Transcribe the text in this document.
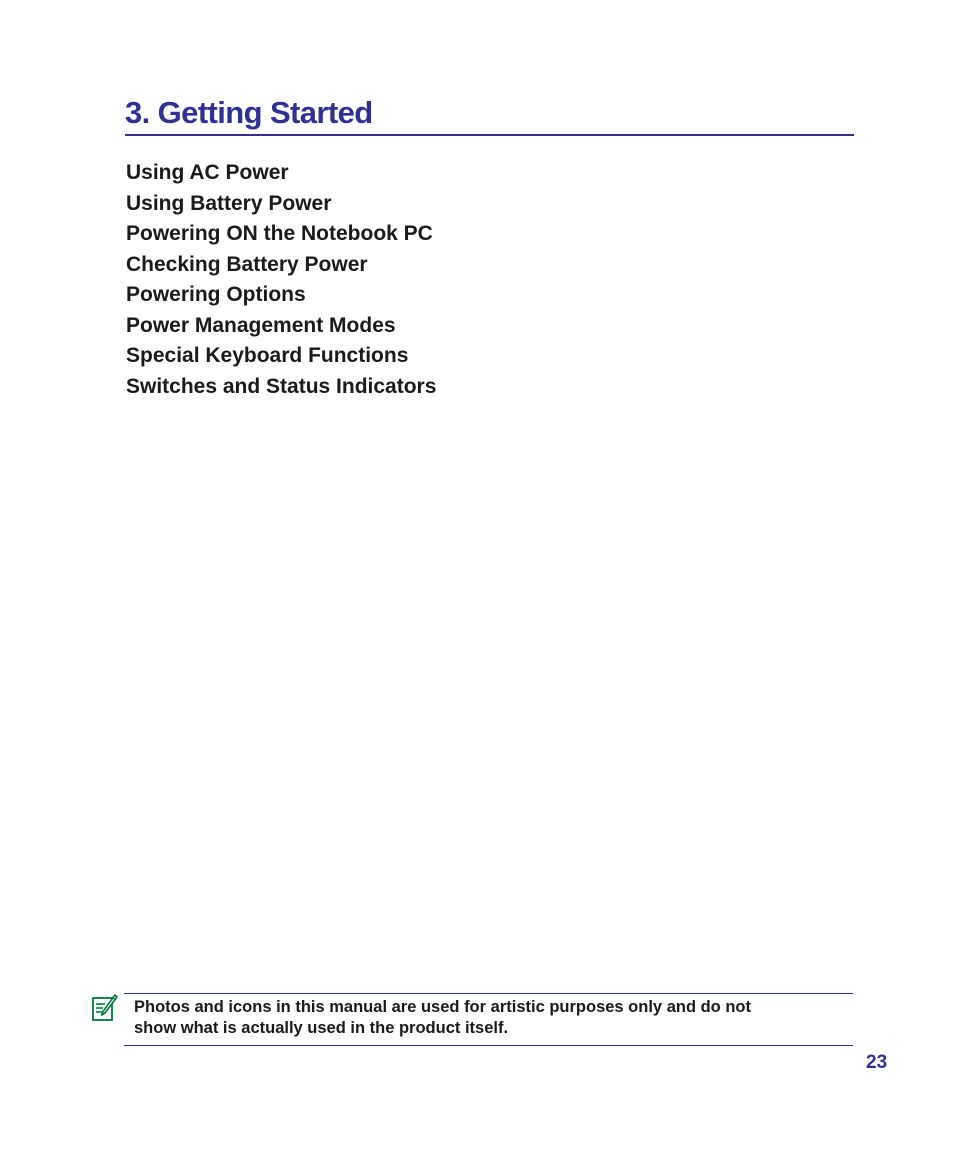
3. Getting Started
Using AC Power
Using Battery Power
Powering ON the Notebook PC
Checking Battery Power
Powering Options
Power Management Modes
Special Keyboard Functions
Switches and Status Indicators

Photos and icons in this manual are used for artistic purposes only and do not
show what is actually used in the product itself.

23
